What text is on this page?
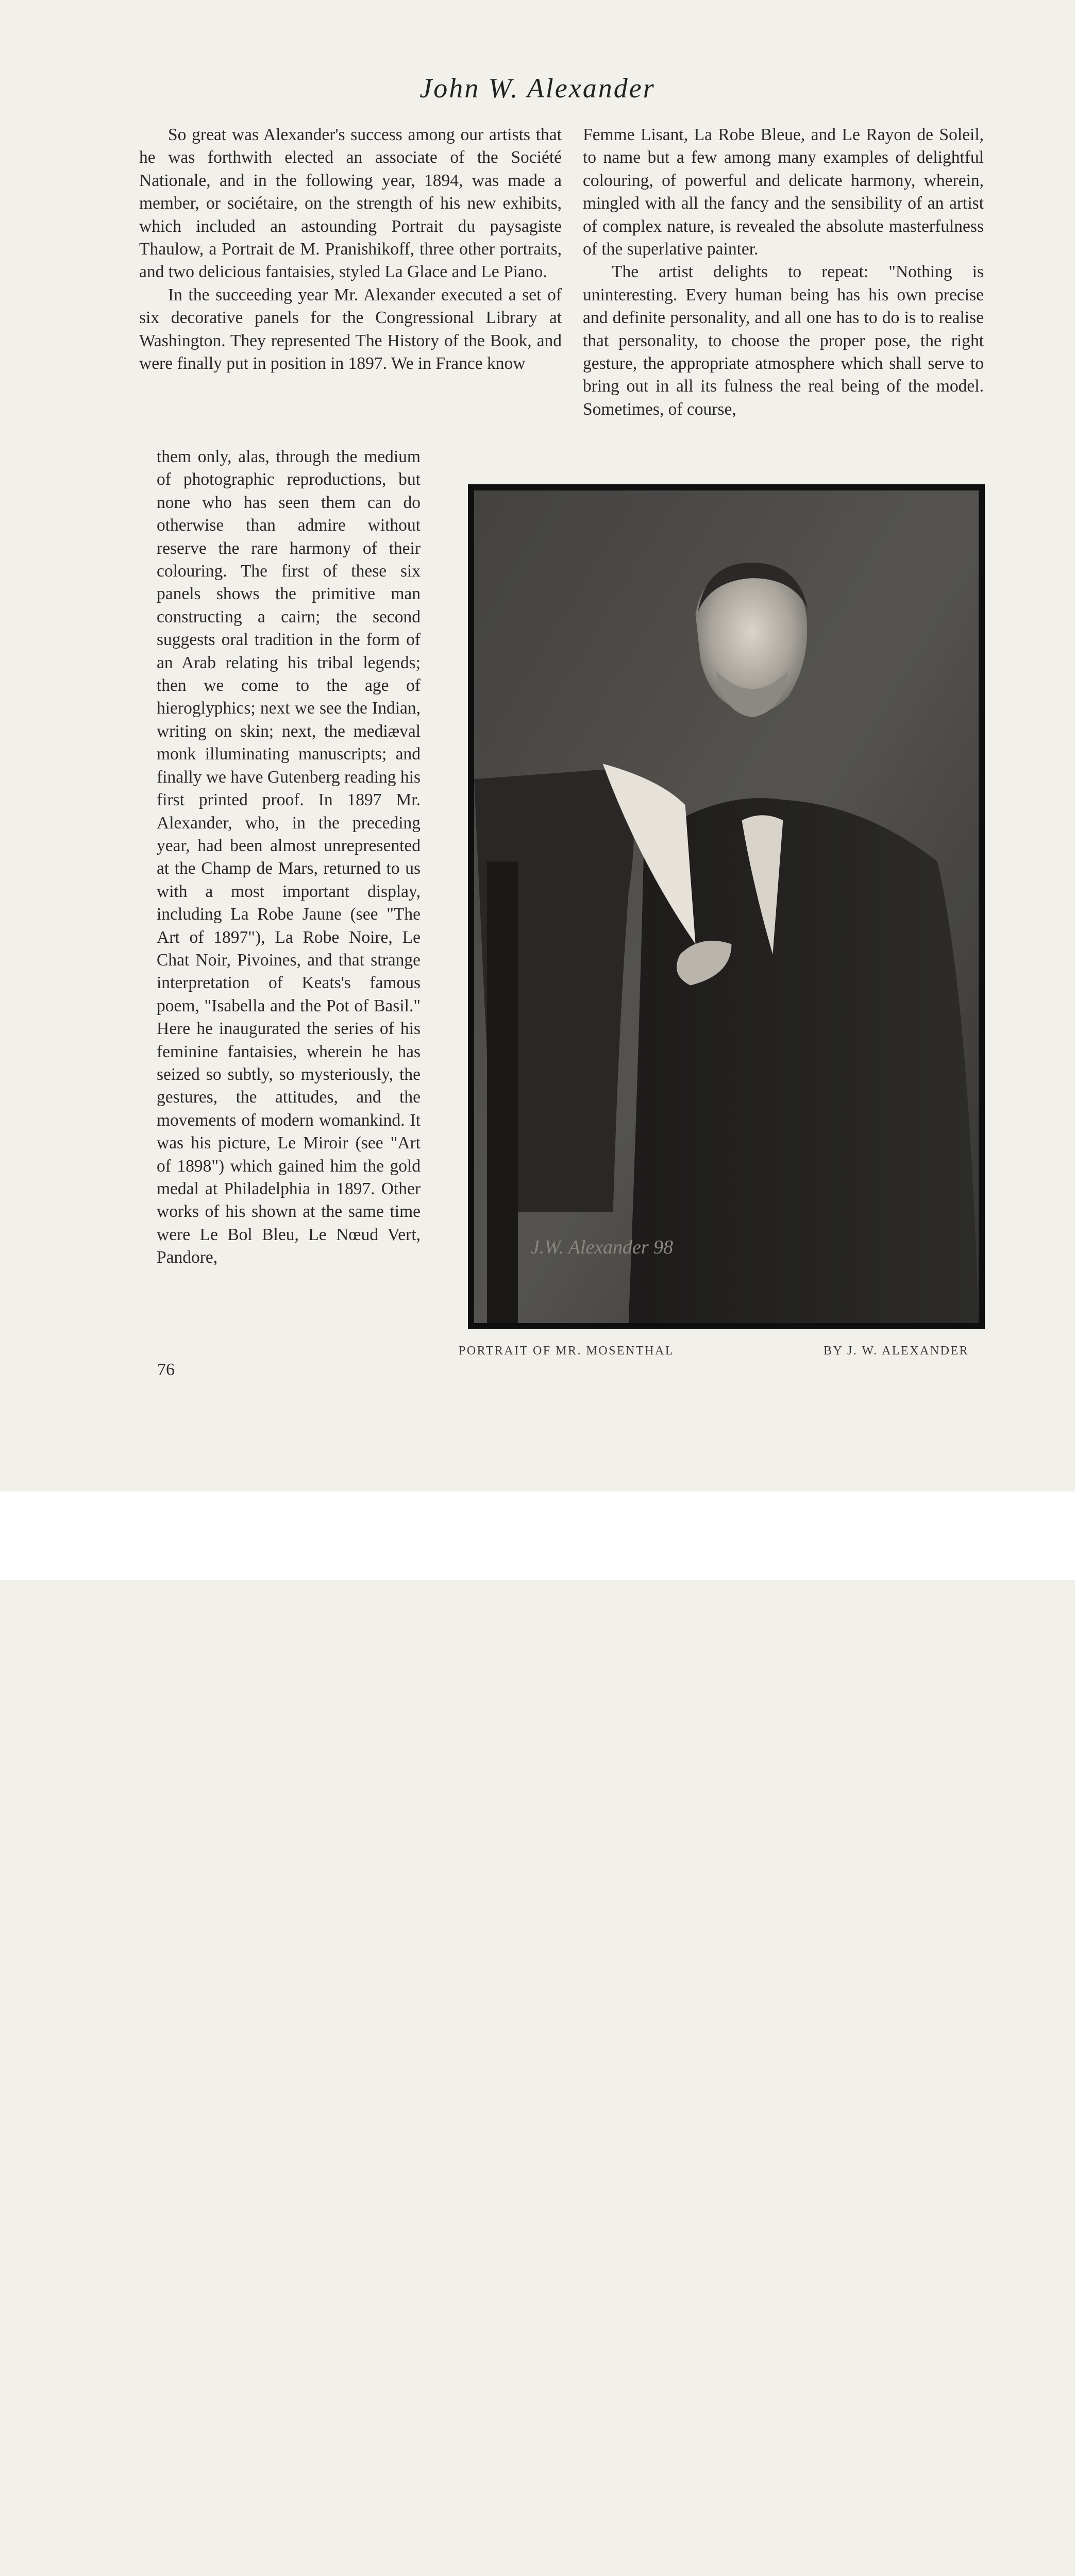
John W. Alexander

So great was Alexander's success among our artists that he was forthwith elected an associate of the Société Nationale, and in the following year, 1894, was made a member, or sociétaire, on the strength of his new exhibits, which included an astounding Portrait du paysagiste Thaulow, a Portrait de M. Pranishikoff, three other portraits, and two delicious fantaisies, styled La Glace and Le Piano.

In the succeeding year Mr. Alexander executed a set of six decorative panels for the Congressional Library at Washington. They represented The History of the Book, and were finally put in position in 1897. We in France know

them only, alas, through the medium of photographic reproductions, but none who has seen them can do otherwise than admire without reserve the rare harmony of their colouring. The first of these six panels shows the primitive man constructing a cairn; the second suggests oral tradition in the form of an Arab relating his tribal legends; then we come to the age of hieroglyphics; next we see the Indian, writing on skin; next, the mediæval monk illuminating manuscripts; and finally we have Gutenberg reading his first printed proof. In 1897 Mr. Alexander, who, in the preceding year, had been almost unrepresented at the Champ de Mars, returned to us with a most important display, including La Robe Jaune (see "The Art of 1897"), La Robe Noire, Le Chat Noir, Pivoines, and that strange interpretation of Keats's famous poem, "Isabella and the Pot of Basil." Here he inaugurated the series of his feminine fantaisies, wherein he has seized so subtly, so mysteriously, the gestures, the attitudes, and the movements of modern womankind. It was his picture, Le Miroir (see "Art of 1898") which gained him the gold medal at Philadelphia in 1897. Other works of his shown at the same time were Le Bol Bleu, Le Nœud Vert, Pandore,

Femme Lisant, La Robe Bleue, and Le Rayon de Soleil, to name but a few among many examples of delightful colouring, of powerful and delicate harmony, wherein, mingled with all the fancy and the sensibility of an artist of complex nature, is revealed the absolute masterfulness of the superlative painter.

The artist delights to repeat: "Nothing is uninteresting. Every human being has his own precise and definite personality, and all one has to do is to realise that personality, to choose the proper pose, the right gesture, the appropriate atmosphere which shall serve to bring out in all its fulness the real being of the model. Sometimes, of course,

J.W. Alexander 98
PORTRAIT OF MR. MOSENTHAL	BY J. W. ALEXANDER
76
